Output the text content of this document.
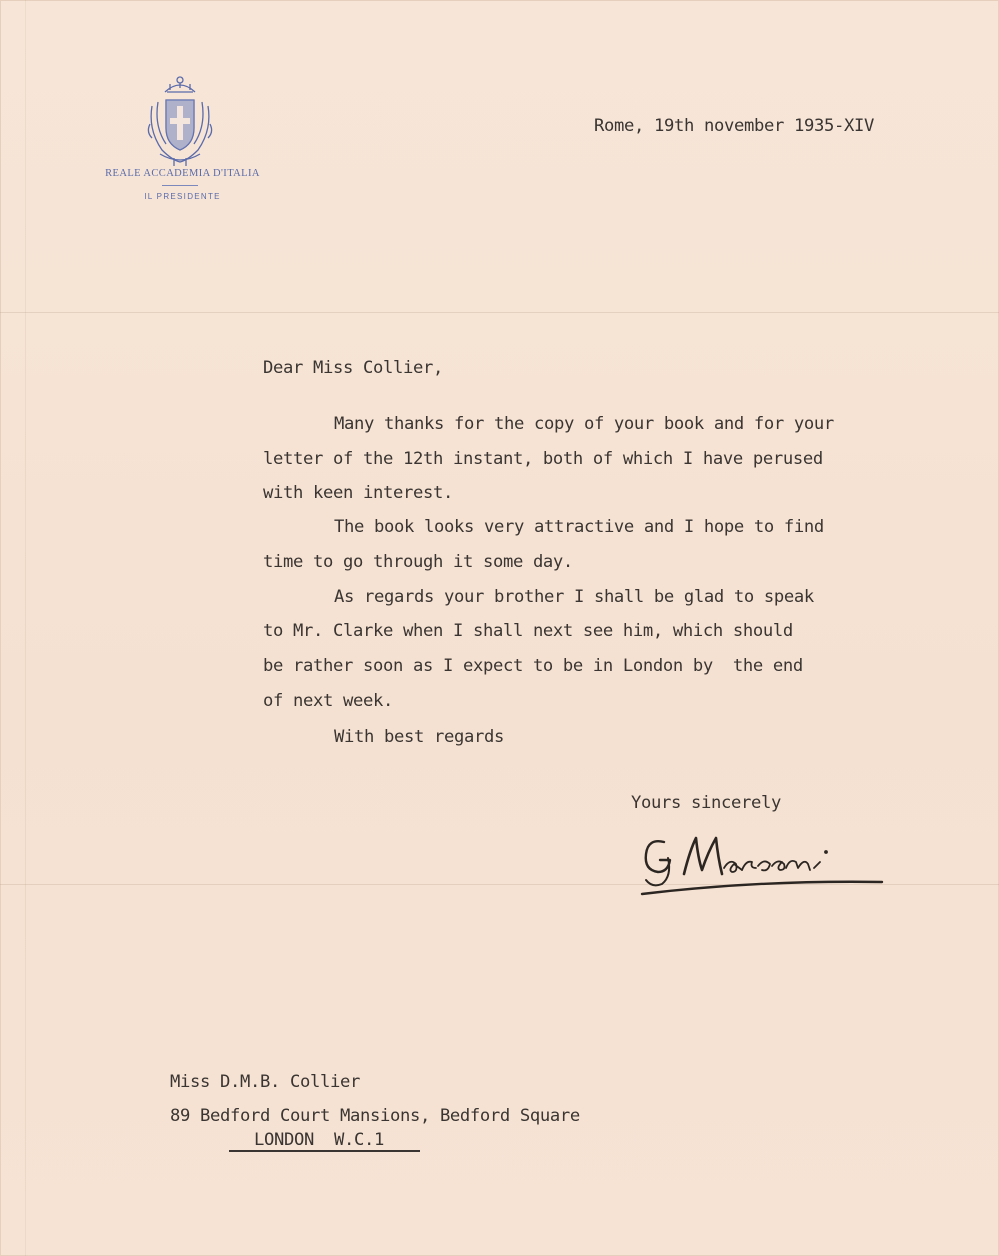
REALE ACCADEMIA D'ITALIA
IL PRESIDENTE
Rome, 19th november 1935-XIV
Dear Miss Collier,
Many thanks for the copy of your book and for your
letter of the 12th instant, both of which I have perused
with keen interest.
The book looks very attractive and I hope to find
time to go through it some day.
As regards your brother I shall be glad to speak
to Mr. Clarke when I shall next see him, which should
be rather soon as I expect to be in London by  the end
of next week.
With best regards
Yours sincerely
Miss D.M.B. Collier
89 Bedford Court Mansions, Bedford Square
LONDON  W.C.1
